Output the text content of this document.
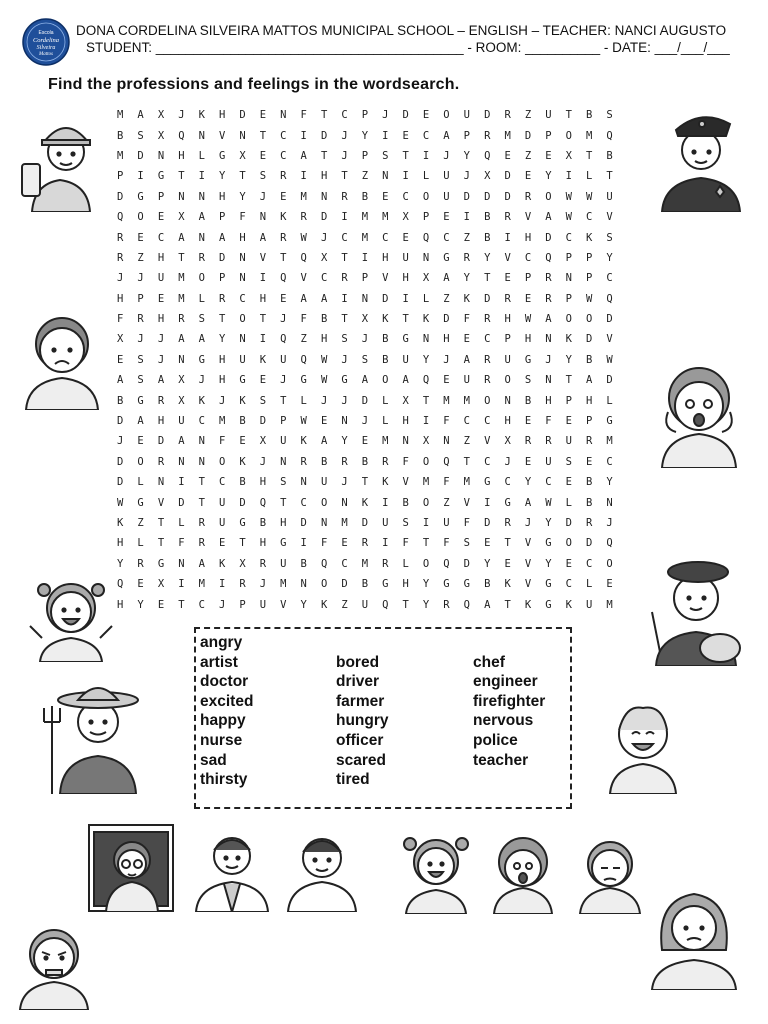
Escola
Cordelina
Silveira
Mattos
DONA CORDELINA SILVEIRA MATTOS MUNICIPAL SCHOOL – ENGLISH – TEACHER: NANCI AUGUSTO
STUDENT: _________________________________________ - ROOM: __________ - DATE: ___/___/___
Find the professions and feelings in the wordsearch.
M	A	X	J	K	H	D	E	N	F	T	C	P	J	D	E	O	U	D	R	Z	U	T	B	S
B	S	X	Q	N	V	N	T	C	I	D	J	Y	I	E	C	A	P	R	M	D	P	O	M	Q
M	D	N	H	L	G	X	E	C	A	T	J	P	S	T	I	J	Y	Q	E	Z	E	X	T	B
P	I	G	T	I	Y	T	S	R	I	H	T	Z	N	I	L	U	J	X	D	E	Y	I	L	T
D	G	P	N	N	H	Y	J	E	M	N	R	B	E	C	O	U	D	D	D	R	O	W	W	U
Q	O	E	X	A	P	F	N	K	R	D	I	M	M	X	P	E	I	B	R	V	A	W	C	V
R	E	C	A	N	A	H	A	R	W	J	C	M	C	E	Q	C	Z	B	I	H	D	C	K	S
R	Z	H	T	R	D	N	V	T	Q	X	T	I	H	U	N	G	R	Y	V	C	Q	P	P	Y
J	J	U	M	O	P	N	I	Q	V	C	R	P	V	H	X	A	Y	T	E	P	R	N	P	C
H	P	E	M	L	R	C	H	E	A	A	I	N	D	I	L	Z	K	D	R	E	R	P	W	Q
F	R	H	R	S	T	O	T	J	F	B	T	X	K	T	K	D	F	R	H	W	A	O	O	D
X	J	J	A	A	Y	N	I	Q	Z	H	S	J	B	G	N	H	E	C	P	H	N	K	D	V
E	S	J	N	G	H	U	K	U	Q	W	J	S	B	U	Y	J	A	R	U	G	J	Y	B	W
A	S	A	X	J	H	G	E	J	G	W	G	A	O	A	Q	E	U	R	O	S	N	T	A	D
B	G	R	X	K	J	K	S	T	L	J	J	D	L	X	T	M	M	O	N	B	H	P	H	L
D	A	H	U	C	M	B	D	P	W	E	N	J	L	H	I	F	C	C	H	E	F	E	P	G
J	E	D	A	N	F	E	X	U	K	A	Y	E	M	N	X	N	Z	V	X	R	R	U	R	M
D	O	R	N	N	O	K	J	N	R	B	R	B	R	F	O	Q	T	C	J	E	U	S	E	C
D	L	N	I	T	C	B	H	S	N	U	J	T	K	V	M	F	M	G	C	Y	C	E	B	Y
W	G	V	D	T	U	D	Q	T	C	O	N	K	I	B	O	Z	V	I	G	A	W	L	B	N
K	Z	T	L	R	U	G	B	H	D	N	M	D	U	S	I	U	F	D	R	J	Y	D	R	J
H	L	T	F	R	E	T	H	G	I	F	E	R	I	F	T	F	S	E	T	V	G	O	D	Q
Y	R	G	N	A	K	X	R	U	B	Q	C	M	R	L	O	Q	D	Y	E	V	Y	E	C	O
Q	E	X	I	M	I	R	J	M	N	O	D	B	G	H	Y	G	G	B	K	V	G	C	L	E
H	Y	E	T	C	J	P	U	V	Y	K	Z	U	Q	T	Y	R	Q	A	T	K	G	K	U	M
angry
artist
doctor
excited
happy
nurse
sad
thirsty
bored
driver
farmer
hungry
officer
scared
tired
chef
engineer
firefighter
nervous
police
teacher
